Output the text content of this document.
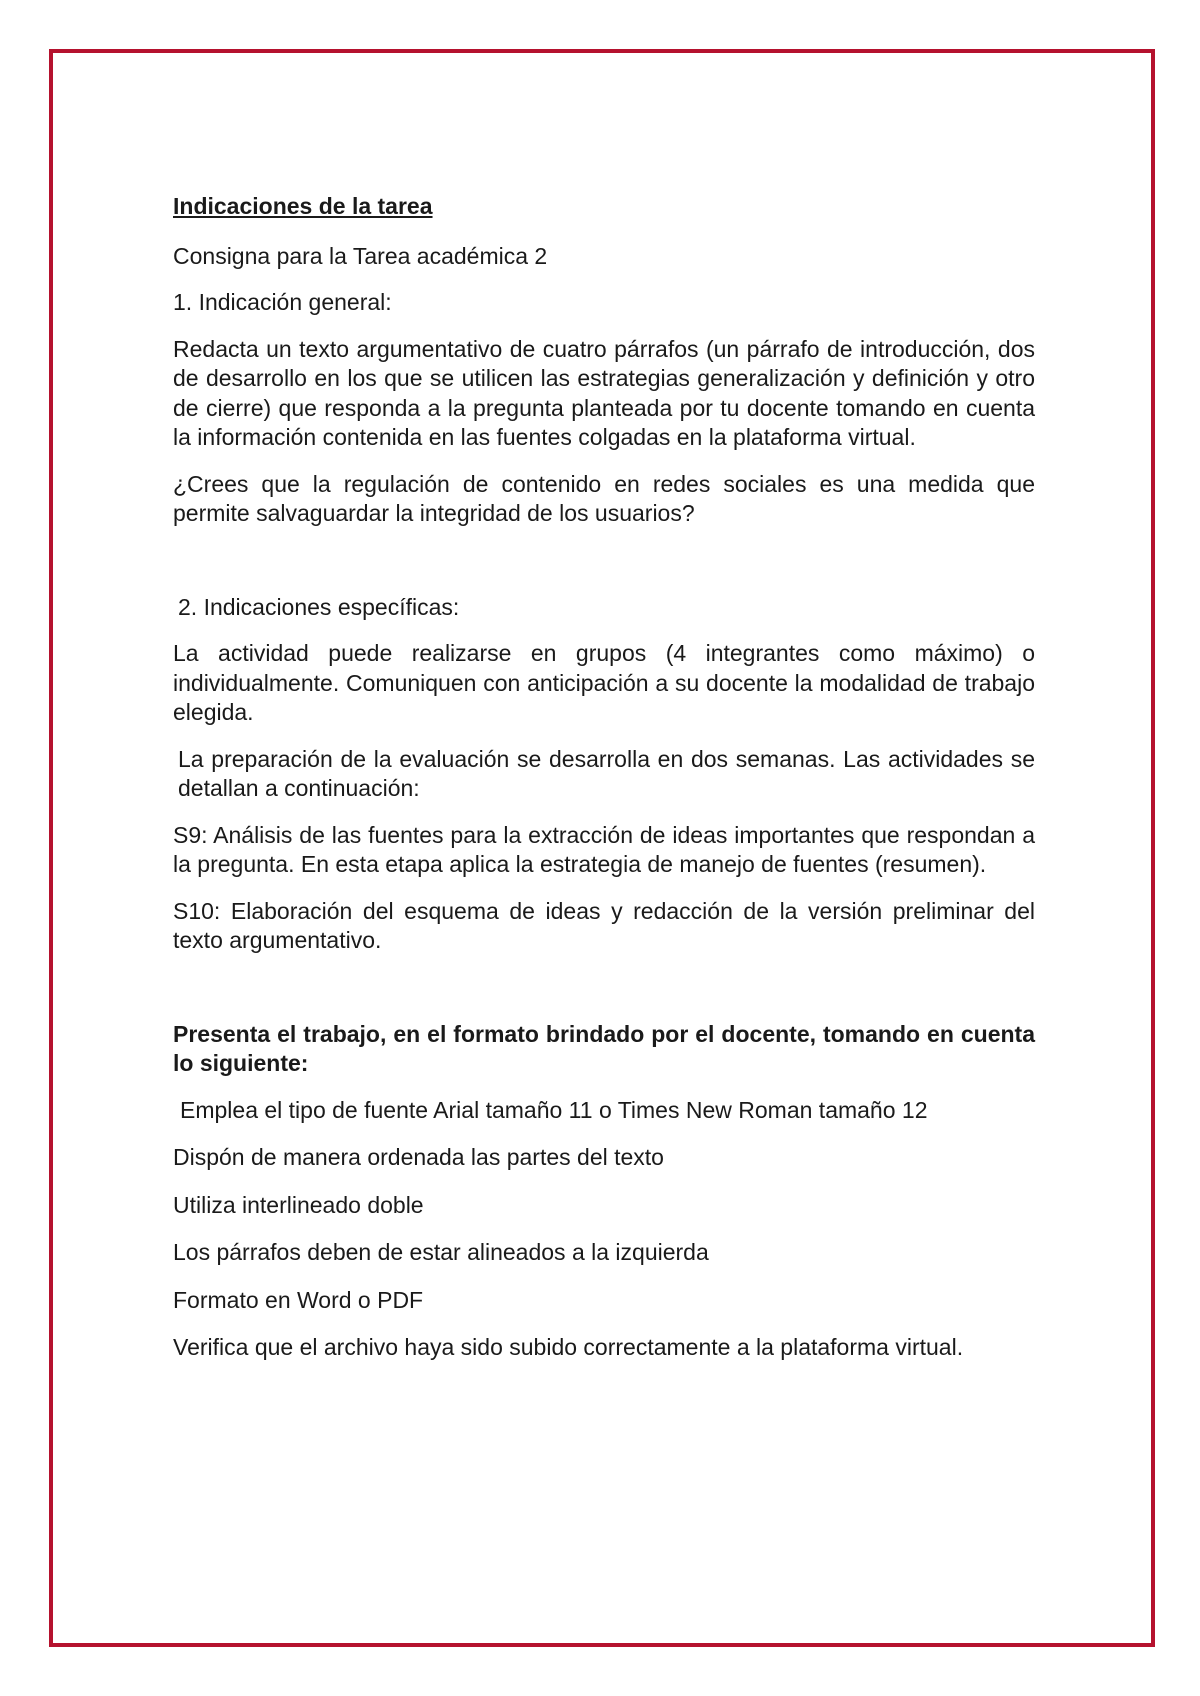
Indicaciones de la tarea

Consigna para la Tarea académica 2

1. Indicación general:

Redacta un texto argumentativo de cuatro párrafos (un párrafo de introducción, dos de desarrollo en los que se utilicen las estrategias generalización y definición y otro de cierre) que responda a la pregunta planteada por tu docente tomando en cuenta la información contenida en las fuentes colgadas en la plataforma virtual.

¿Crees que la regulación de contenido en redes sociales es una medida que permite salvaguardar la integridad de los usuarios?

2. Indicaciones específicas:

La actividad puede realizarse en grupos (4 integrantes como máximo) o individualmente. Comuniquen con anticipación a su docente la modalidad de trabajo elegida.

La preparación de la evaluación se desarrolla en dos semanas. Las actividades se detallan a continuación:

S9: Análisis de las fuentes para la extracción de ideas importantes que respondan a la pregunta. En esta etapa aplica la estrategia de manejo de fuentes (resumen).

S10: Elaboración del esquema de ideas y redacción de la versión preliminar del texto argumentativo.

Presenta el trabajo, en el formato brindado por el docente, tomando en cuenta lo siguiente:

Emplea el tipo de fuente Arial tamaño 11 o Times New Roman tamaño 12

Dispón de manera ordenada las partes del texto

Utiliza interlineado doble

Los párrafos deben de estar alineados a la izquierda

Formato en Word o PDF

Verifica que el archivo haya sido subido correctamente a la plataforma virtual.
